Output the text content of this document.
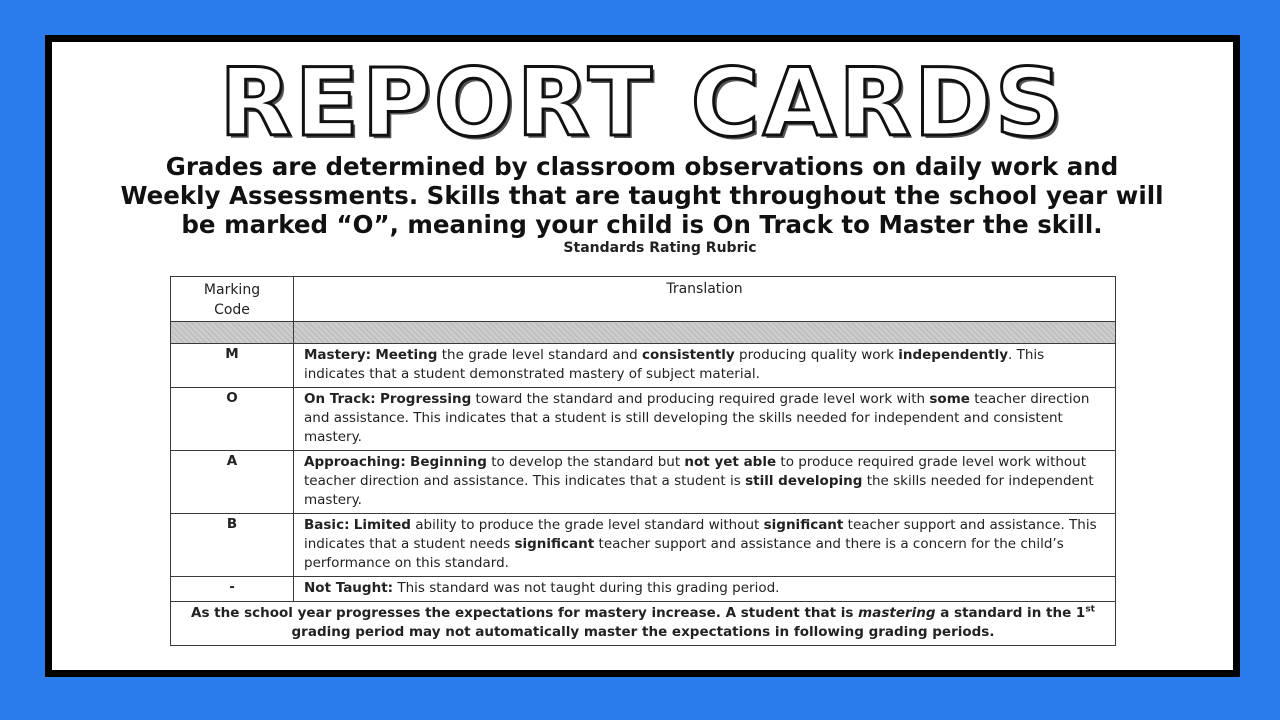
REPORT CARDS

Grades are determined by classroom observations on daily work and

Weekly Assessments. Skills that are taught throughout the school year will

be marked “O”, meaning your child is On Track to Master the skill.

Standards Rating Rubric
Marking
Code	Translation

M	Mastery: Meeting the grade level standard and consistently producing quality work independently. This indicates that a student demonstrated mastery of subject material.
O	On Track: Progressing toward the standard and producing required grade level work with some teacher direction and assistance. This indicates that a student is still developing the skills needed for independent and consistent mastery.
A	Approaching: Beginning to develop the standard but not yet able to produce required grade level work without teacher direction and assistance. This indicates that a student is still developing the skills needed for independent mastery.
B	Basic: Limited ability to produce the grade level standard without significant teacher support and assistance. This indicates that a student needs significant teacher support and assistance and there is a concern for the child’s performance on this standard.
-	Not Taught: This standard was not taught during this grading period.
As the school year progresses the expectations for mastery increase. A student that is mastering a standard in the 1st grading period may not automatically master the expectations in following grading periods.	
